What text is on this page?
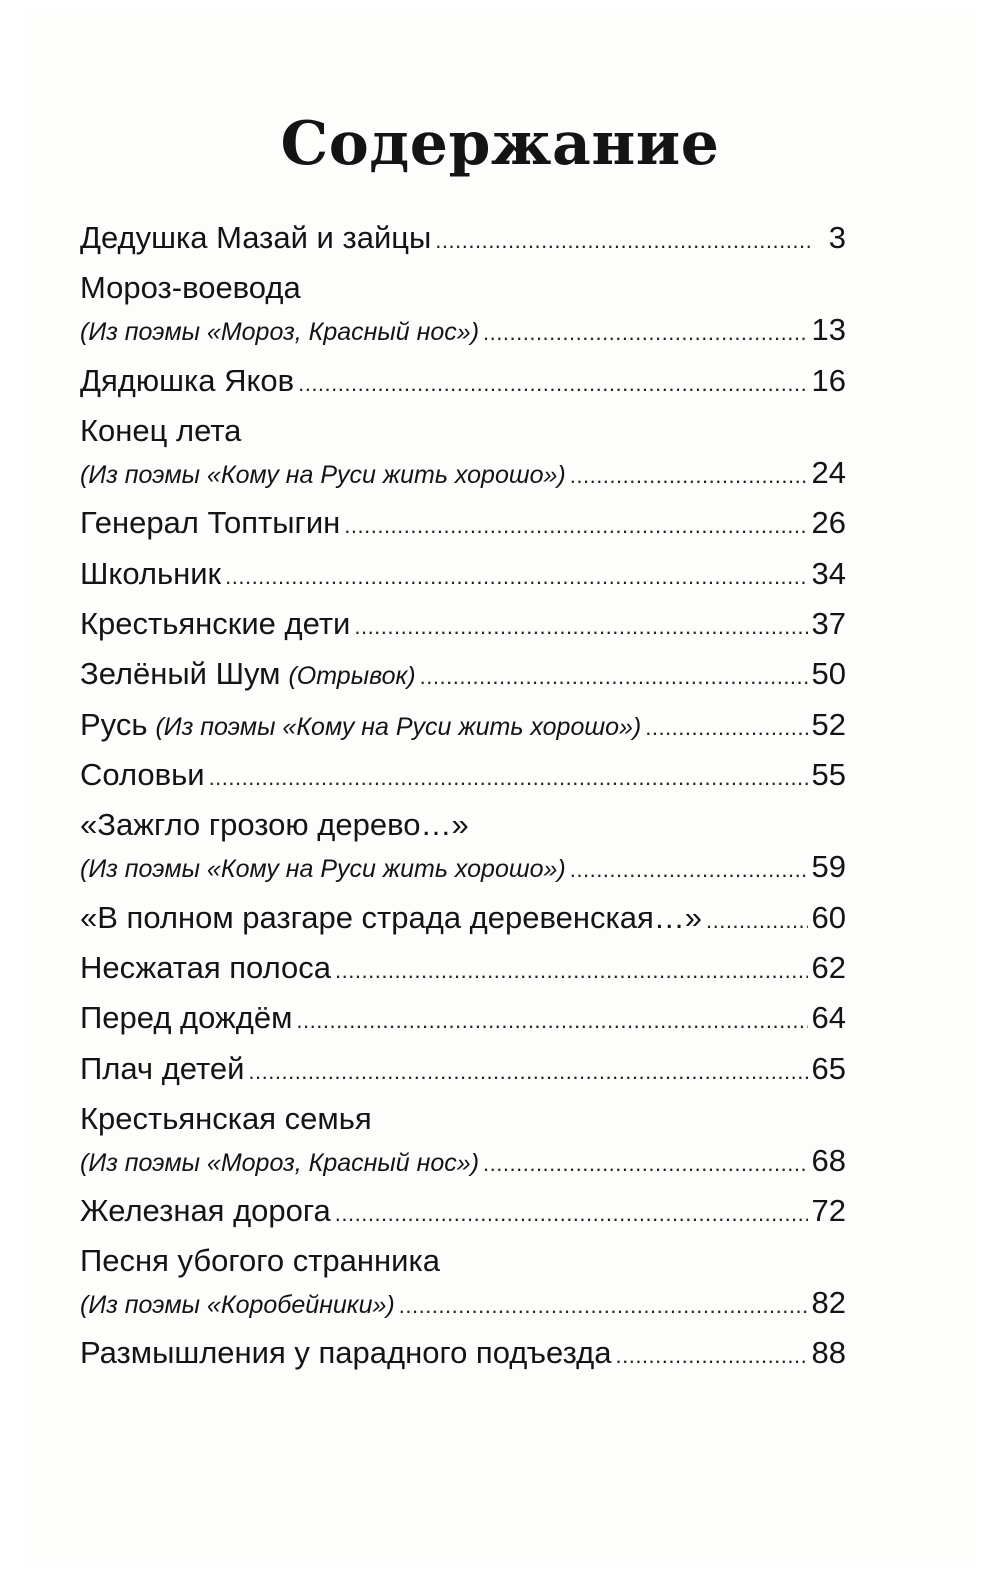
Содержание
Дедушка Мазай и зайцы .....	3
Мороз-воевода
(Из поэмы «Мороз, Красный нос») .....	13
Дядюшка Яков .....	16
Конец лета
(Из поэмы «Кому на Руси жить хорошо») .....	24
Генерал Топтыгин .....	26
Школьник .....	34
Крестьянские дети .....	37
Зелёный Шум (Отрывок) .....	50
Русь (Из поэмы «Кому на Руси жить хорошо») .....	52
Соловьи .....	55
«Зажгло грозою дерево…»
(Из поэмы «Кому на Руси жить хорошо») .....	59
«В полном разгаре страда деревенская…» .....	60
Несжатая полоса .....	62
Перед дождём .....	64
Плач детей .....	65
Крестьянская семья
(Из поэмы «Мороз, Красный нос») .....	68
Железная дорога .....	72
Песня убогого странника
(Из поэмы «Коробейники») .....	82
Размышления у парадного подъезда .....	88
